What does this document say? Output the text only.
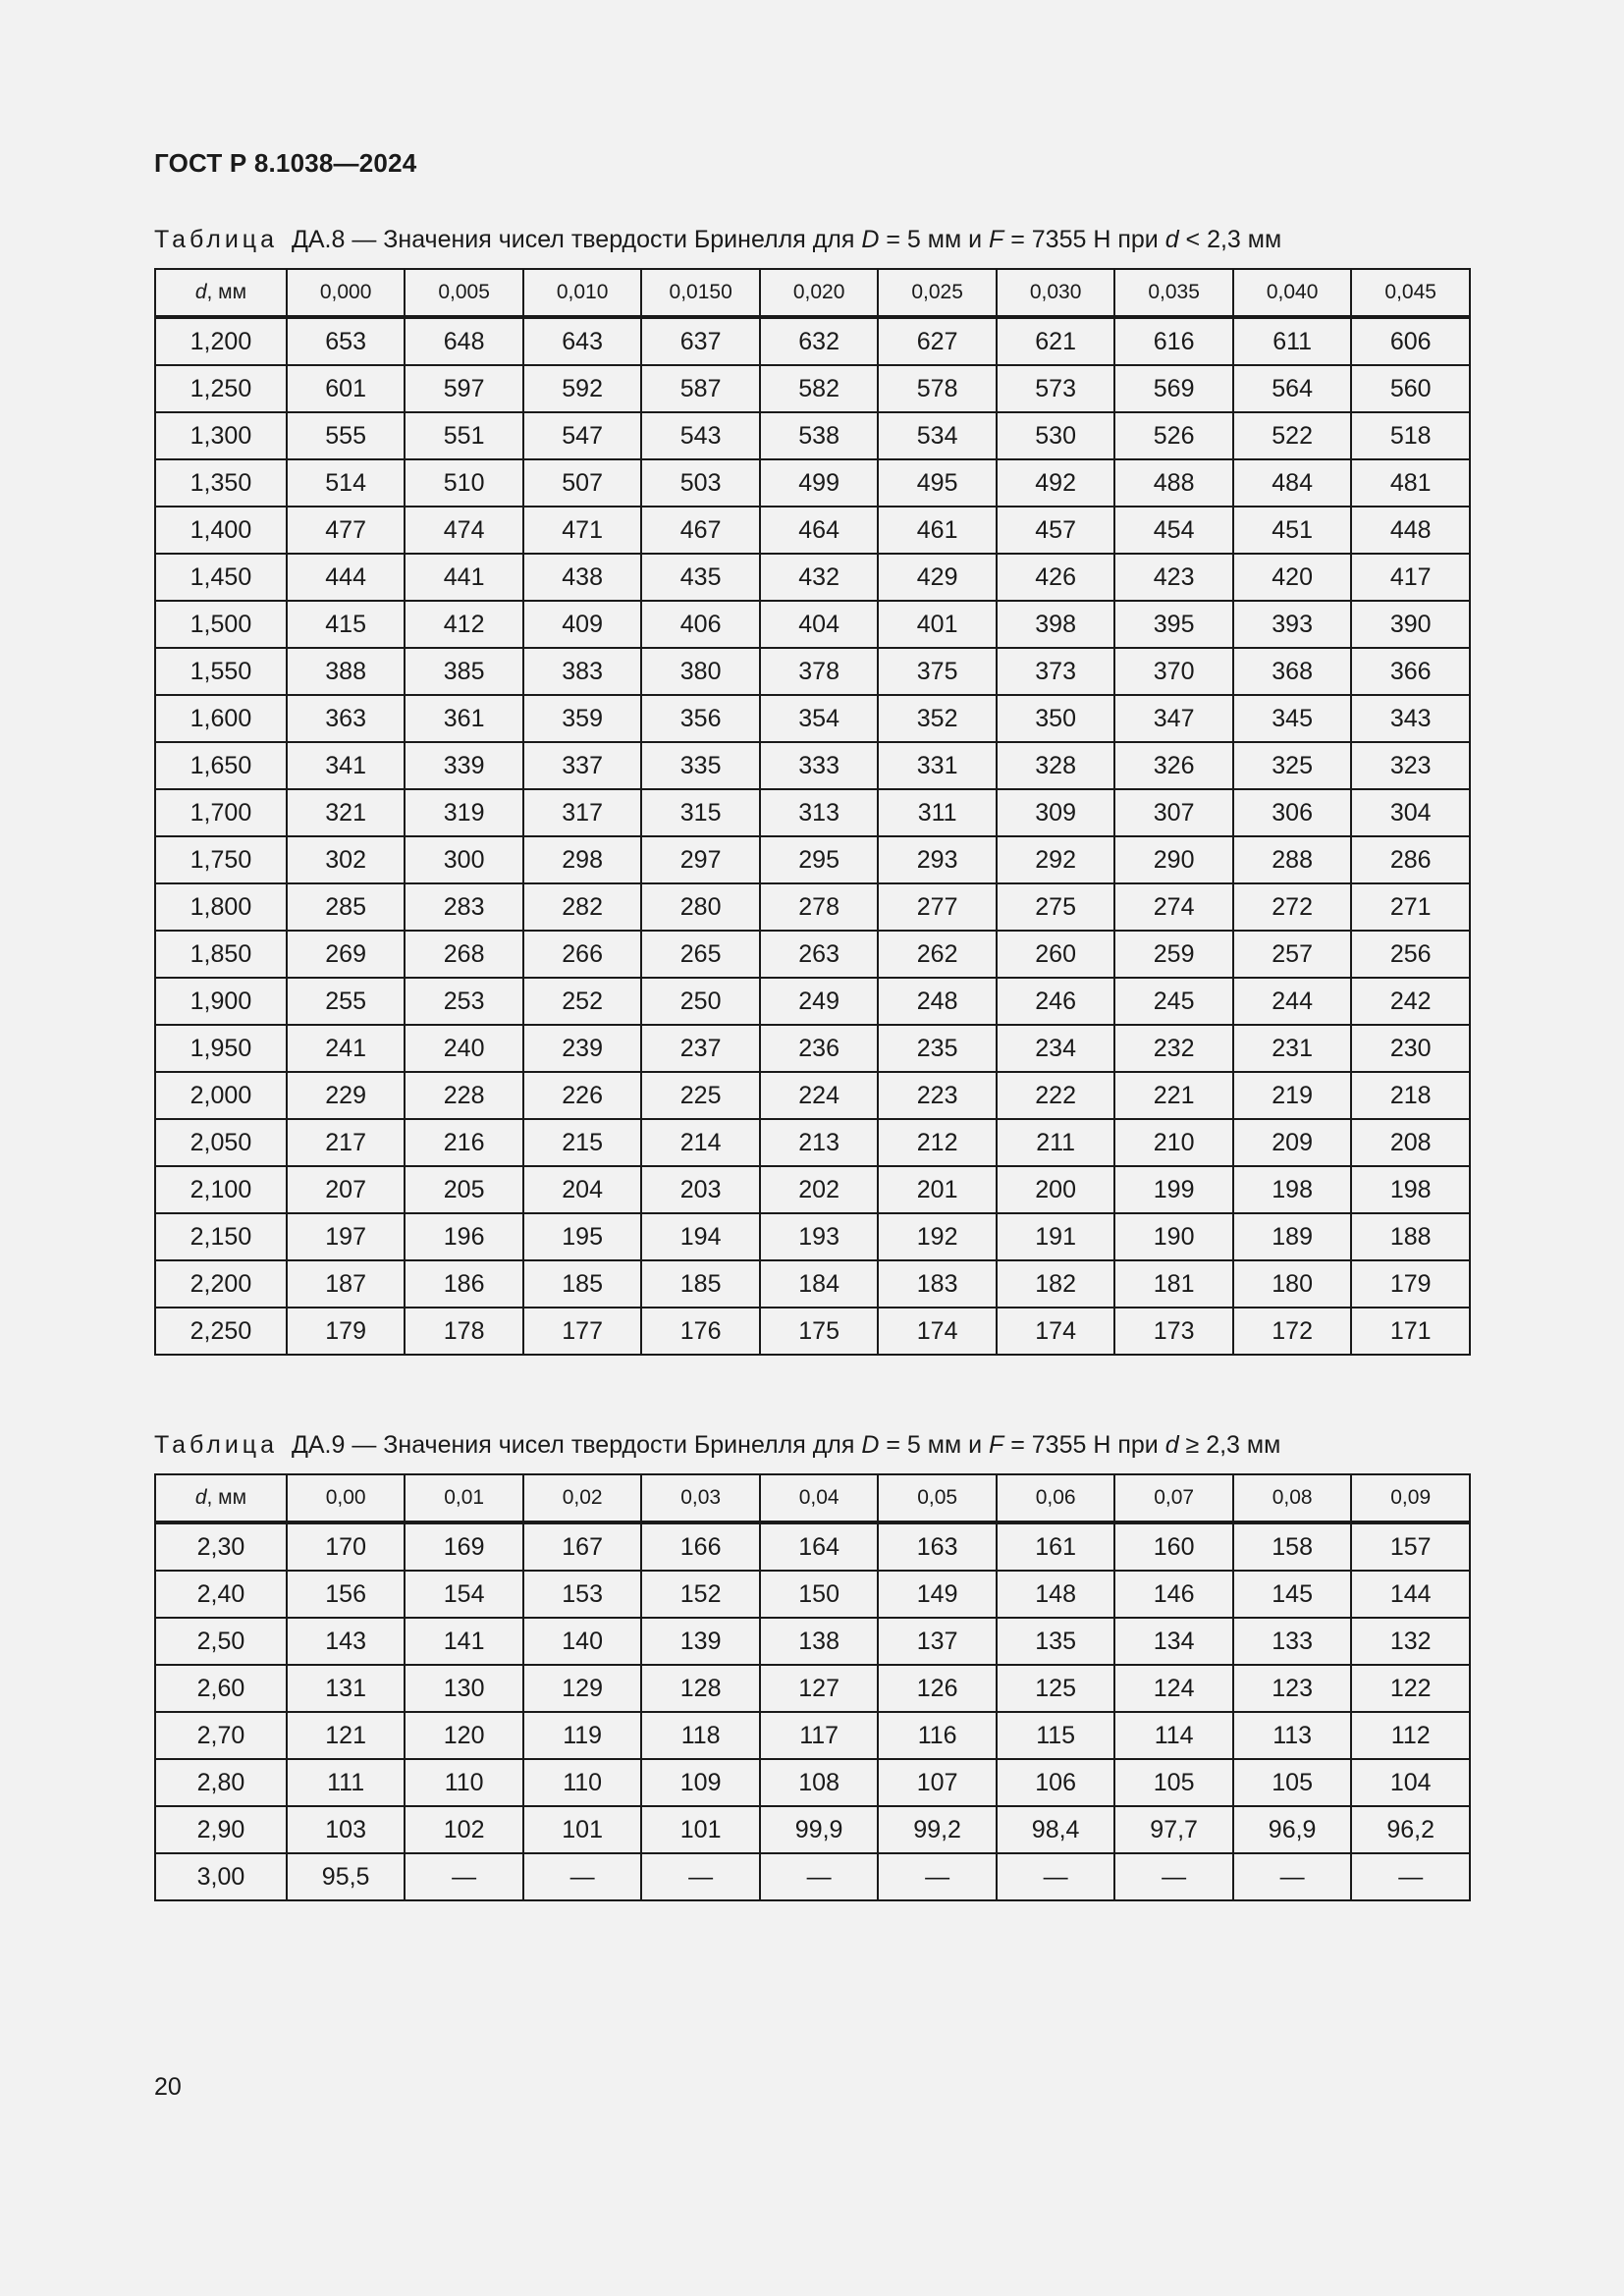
ГОСТ Р 8.1038—2024
Таблица ДА.8 — Значения чисел твердости Бринелля для D = 5 мм и F = 7355 Н при d < 2,3 мм
d, мм	0,000	0,005	0,010	0,0150	0,020	0,025	0,030	0,035	0,040	0,045
1,200	653	648	643	637	632	627	621	616	611	606
1,250	601	597	592	587	582	578	573	569	564	560
1,300	555	551	547	543	538	534	530	526	522	518
1,350	514	510	507	503	499	495	492	488	484	481
1,400	477	474	471	467	464	461	457	454	451	448
1,450	444	441	438	435	432	429	426	423	420	417
1,500	415	412	409	406	404	401	398	395	393	390
1,550	388	385	383	380	378	375	373	370	368	366
1,600	363	361	359	356	354	352	350	347	345	343
1,650	341	339	337	335	333	331	328	326	325	323
1,700	321	319	317	315	313	311	309	307	306	304
1,750	302	300	298	297	295	293	292	290	288	286
1,800	285	283	282	280	278	277	275	274	272	271
1,850	269	268	266	265	263	262	260	259	257	256
1,900	255	253	252	250	249	248	246	245	244	242
1,950	241	240	239	237	236	235	234	232	231	230
2,000	229	228	226	225	224	223	222	221	219	218
2,050	217	216	215	214	213	212	211	210	209	208
2,100	207	205	204	203	202	201	200	199	198	198
2,150	197	196	195	194	193	192	191	190	189	188
2,200	187	186	185	185	184	183	182	181	180	179
2,250	179	178	177	176	175	174	174	173	172	171
Таблица ДА.9 — Значения чисел твердости Бринелля для D = 5 мм и F = 7355 Н при d ≥ 2,3 мм
d, мм	0,00	0,01	0,02	0,03	0,04	0,05	0,06	0,07	0,08	0,09
2,30	170	169	167	166	164	163	161	160	158	157
2,40	156	154	153	152	150	149	148	146	145	144
2,50	143	141	140	139	138	137	135	134	133	132
2,60	131	130	129	128	127	126	125	124	123	122
2,70	121	120	119	118	117	116	115	114	113	112
2,80	111	110	110	109	108	107	106	105	105	104
2,90	103	102	101	101	99,9	99,2	98,4	97,7	96,9	96,2
3,00	95,5	—	—	—	—	—	—	—	—	—
20
